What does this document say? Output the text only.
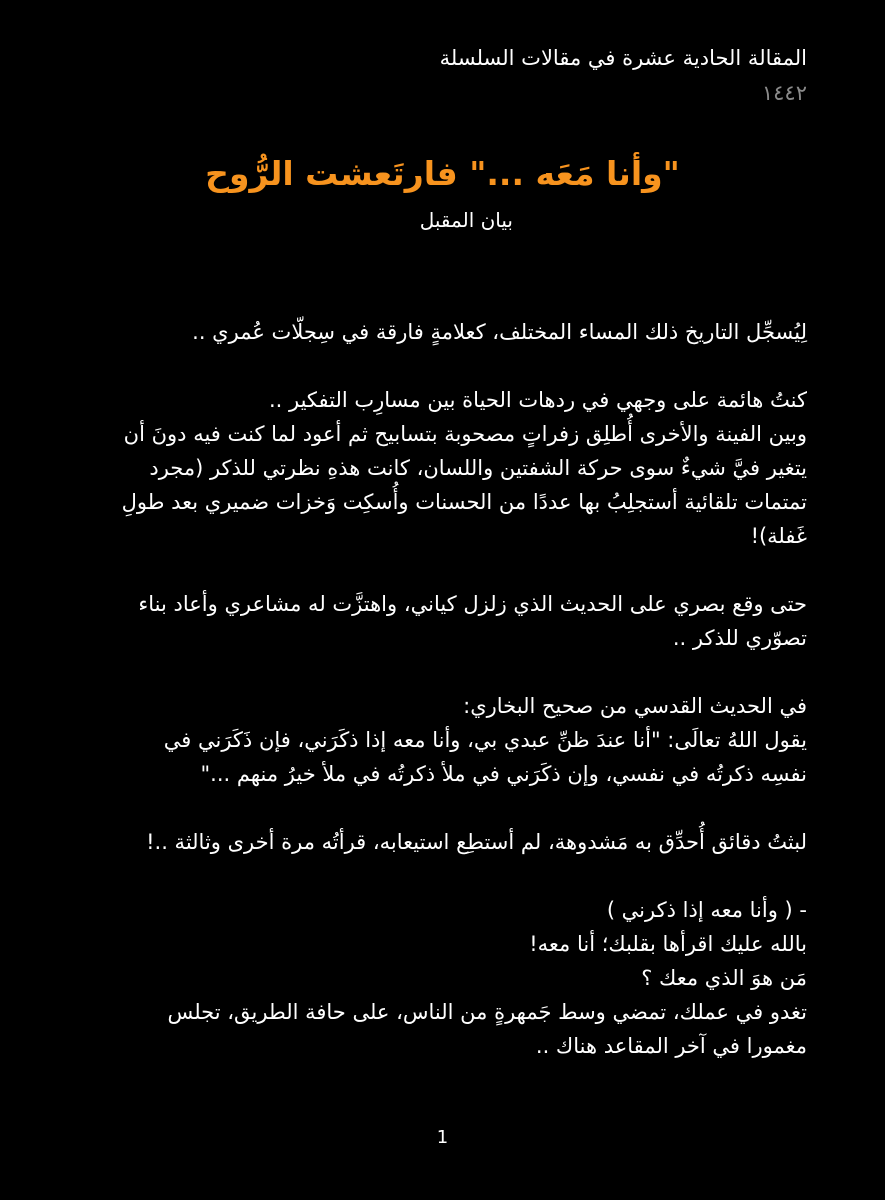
المقالة الحادية عشرة في مقالات السلسلة
١٤٤٢
"وأنا مَعَه ..." فارتَعشت الرُّوح
بيان المقبل
لِيُسجِّل التاريخ ذلك المساء المختلف، كعلامةٍ فارقة في سِجلّات عُمري ..
كنتُ هائمة على وجهي في ردهات الحياة بين مسارِب التفكير ..
وبين الفينة والأخرى أُطلِق زفراتٍ مصحوبة بتسابيح ثم أعود لما كنت فيه دونَ أن
يتغير فيَّ شيءٌ سوى حركة الشفتين واللسان، كانت هذهِ نظرتي للذكر (مجرد
تمتمات تلقائية أستجلِبُ بها عددًا من الحسنات وأُسكِت وَخزات ضميري بعد طولِ
غَفلة)!
حتى وقع بصري على الحديث الذي زلزل كياني، واهتزَّت له مشاعري وأعاد بناء
تصوّري للذكر ..
في الحديث القدسي من صحيح البخاري:
يقول اللهُ تعالَى: "أنا عندَ ظنِّ عبدي بي، وأنا معه إذا ذكَرَني، فإن ذَكَرَني في
نفسِه ذكرتُه في نفسي، وإن ذكَرَني في ملأ ذكرتُه في ملأ خيرُ منهم ..."
لبثتُ دقائق أُحدِّق به مَشدوهة، لم أستطِع استيعابه، قرأتُه مرة أخرى وثالثة ..!
- ( وأنا معه إذا ذكرني )
بالله عليك اقرأها بقلبك؛ أنا معه!
مَن هوَ الذي معك ؟
تغدو في عملك، تمضي وسط جَمهرةٍ من الناس، على حافة الطريق، تجلس
مغمورا في آخر المقاعد هناك ..
1
